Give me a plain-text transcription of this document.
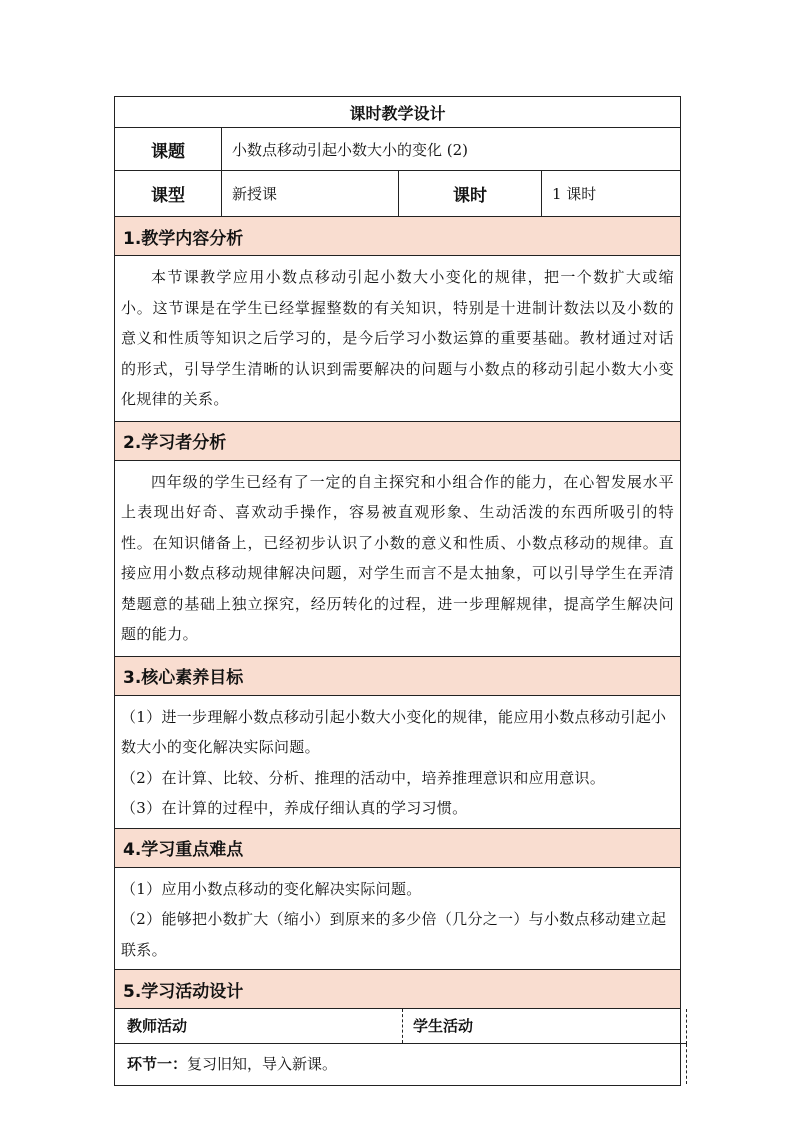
课时教学设计			
课题	小数点移动引起小数大小的变化 (2)		
课型	新授课	课时	1 课时
1.教学内容分析			

本节课教学应用小数点移动引起小数大小变化的规律，把一个数扩大或缩小。这节课是在学生已经掌握整数的有关知识，特别是十进制计数法以及小数的意义和性质等知识之后学习的，是今后学习小数运算的重要基础。教材通过对话的形式，引导学生清晰的认识到需要解决的问题与小数点的移动引起小数大小变化规律的关系。			

2.学习者分析			

四年级的学生已经有了一定的自主探究和小组合作的能力，在心智发展水平上表现出好奇、喜欢动手操作，容易被直观形象、生动活泼的东西所吸引的特性。在知识储备上，已经初步认识了小数的意义和性质、小数点移动的规律。直接应用小数点移动规律解决问题，对学生而言不是太抽象，可以引导学生在弄清楚题意的基础上独立探究，经历转化的过程，进一步理解规律，提高学生解决问题的能力。			

3.核心素养目标			

（1）进一步理解小数点移动引起小数大小变化的规律，能应用小数点移动引起小数大小的变化解决实际问题。
（2）在计算、比较、分析、推理的活动中，培养推理意识和应用意识。
（3）在计算的过程中，养成仔细认真的学习习惯。			

4.学习重点难点			

（1）应用小数点移动的变化解决实际问题。
（2）能够把小数扩大（缩小）到原来的多少倍（几分之一）与小数点移动建立起联系。			

5.学习活动设计			

教师活动 学生活动
环节一：复习旧知，导入新课。			
